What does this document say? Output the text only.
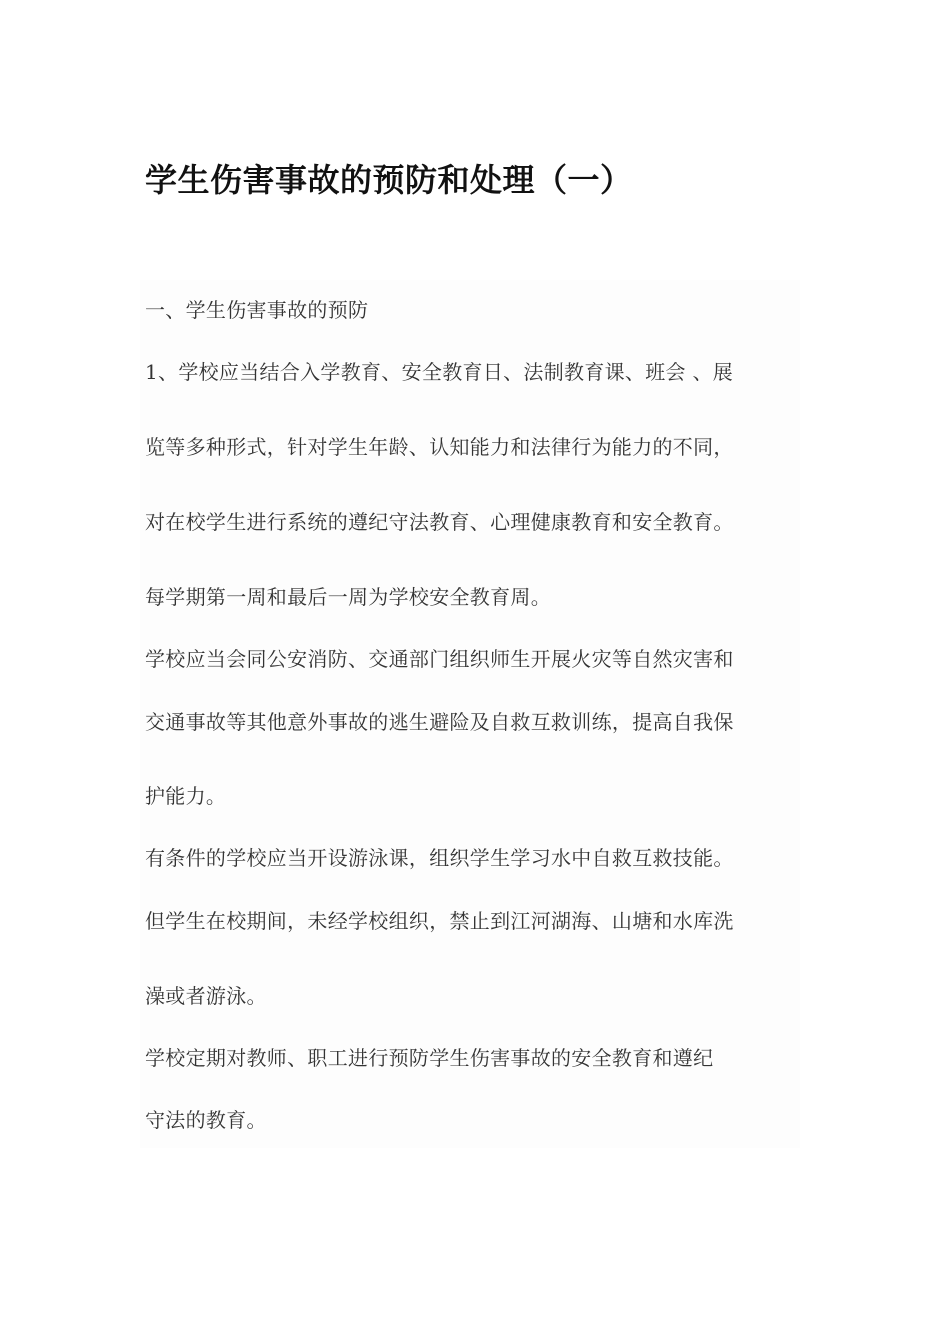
学生伤害事故的预防和处理（一）

一、学生伤害事故的预防

1、学校应当结合入学教育、安全教育日、法制教育课、班会 、展

览等多种形式，针对学生年龄、认知能力和法律行为能力的不同，

对在校学生进行系统的遵纪守法教育、心理健康教育和安全教育。

每学期第一周和最后一周为学校安全教育周。

学校应当会同公安消防、交通部门组织师生开展火灾等自然灾害和

交通事故等其他意外事故的逃生避险及自救互救训练，提高自我保

护能力。

有条件的学校应当开设游泳课，组织学生学习水中自救互救技能。

但学生在校期间，未经学校组织，禁止到江河湖海、山塘和水库洗

澡或者游泳。

学校定期对教师、职工进行预防学生伤害事故的安全教育和遵纪

守法的教育。
